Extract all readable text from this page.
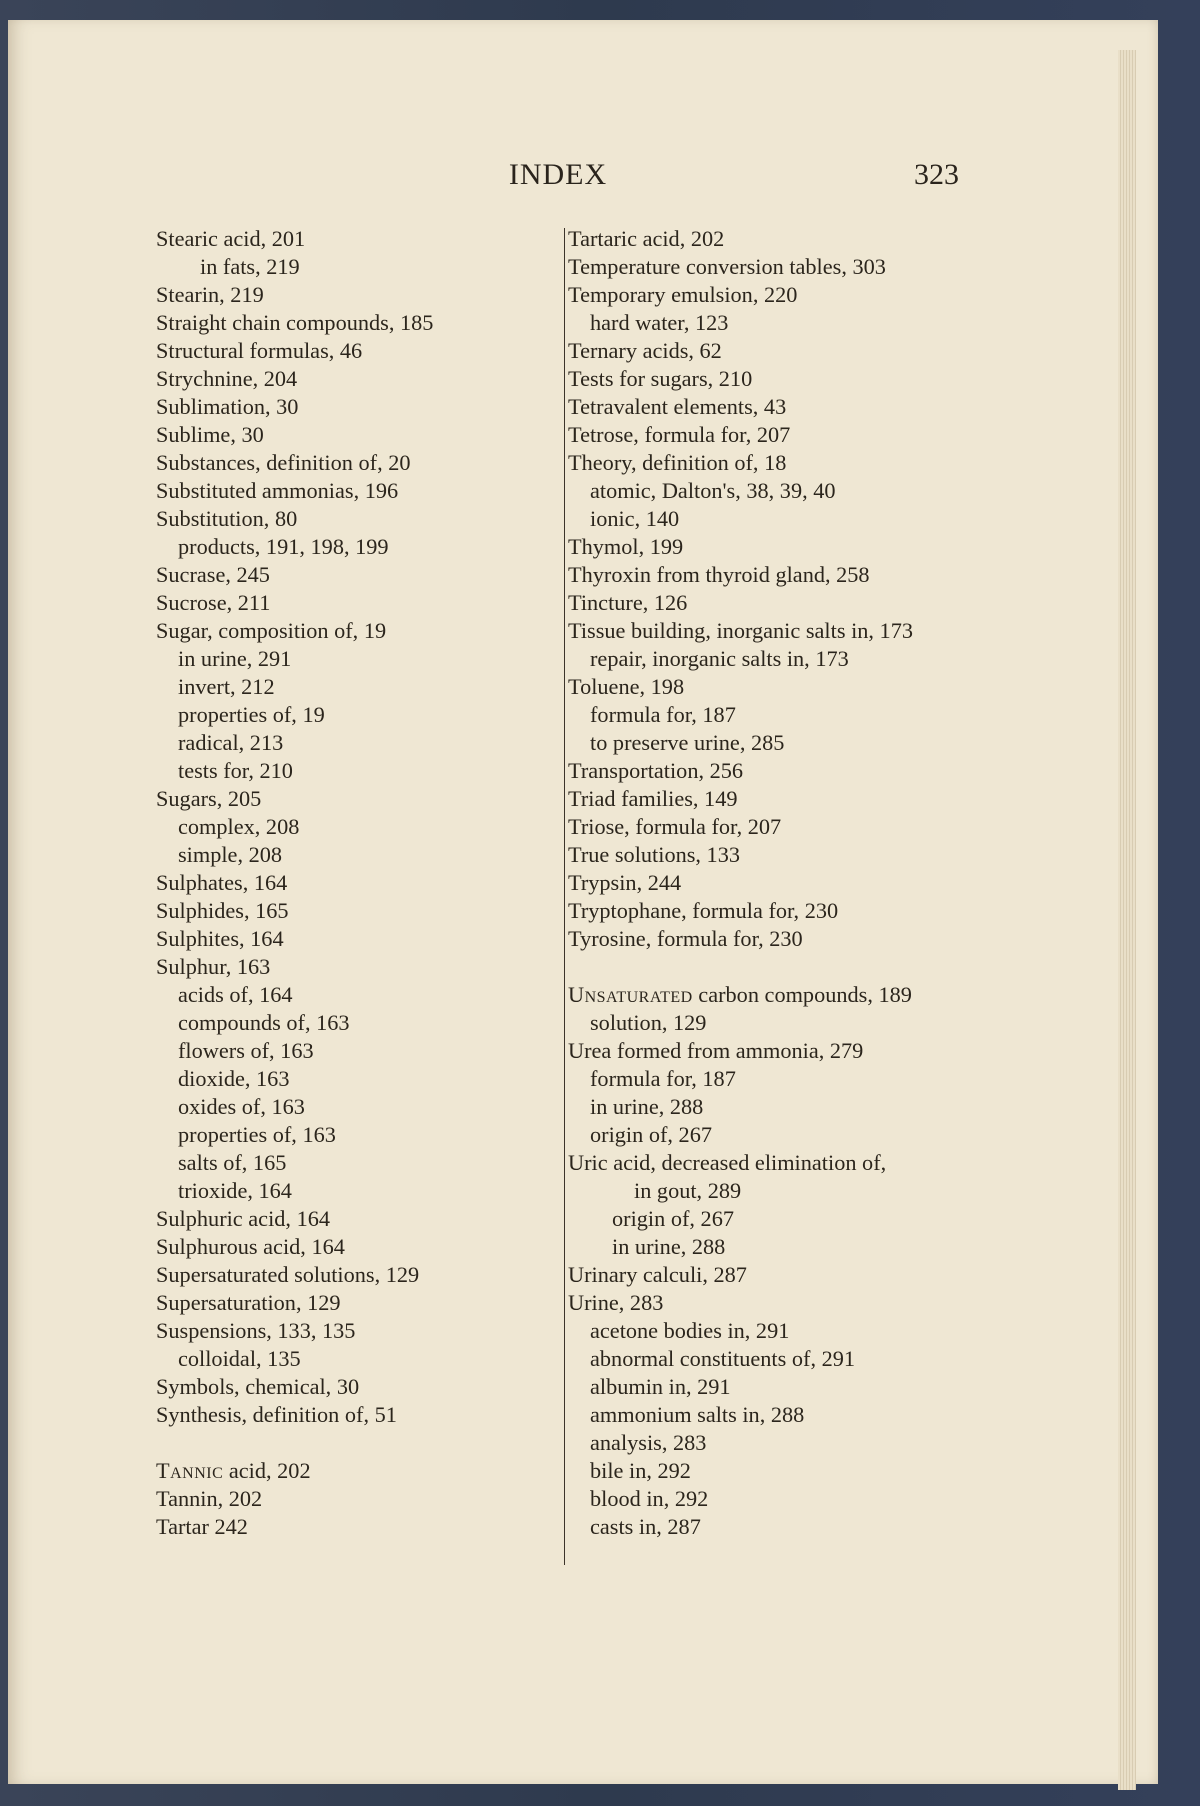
INDEX	323
Stearic acid, 201
in fats, 219
Stearin, 219
Straight chain compounds, 185
Structural formulas, 46
Strychnine, 204
Sublimation, 30
Sublime, 30
Substances, definition of, 20
Substituted ammonias, 196
Substitution, 80
products, 191, 198, 199
Sucrase, 245
Sucrose, 211
Sugar, composition of, 19
in urine, 291
invert, 212
properties of, 19
radical, 213
tests for, 210
Sugars, 205
complex, 208
simple, 208
Sulphates, 164
Sulphides, 165
Sulphites, 164
Sulphur, 163
acids of, 164
compounds of, 163
flowers of, 163
dioxide, 163
oxides of, 163
properties of, 163
salts of, 165
trioxide, 164
Sulphuric acid, 164
Sulphurous acid, 164
Supersaturated solutions, 129
Supersaturation, 129
Suspensions, 133, 135
colloidal, 135
Symbols, chemical, 30
Synthesis, definition of, 51
Tannic acid, 202
Tannin, 202
Tartar 242
Tartaric acid, 202
Temperature conversion tables, 303
Temporary emulsion, 220
hard water, 123
Ternary acids, 62
Tests for sugars, 210
Tetravalent elements, 43
Tetrose, formula for, 207
Theory, definition of, 18
atomic, Dalton's, 38, 39, 40
ionic, 140
Thymol, 199
Thyroxin from thyroid gland, 258
Tincture, 126
Tissue building, inorganic salts in, 173
repair, inorganic salts in, 173
Toluene, 198
formula for, 187
to preserve urine, 285
Transportation, 256
Triad families, 149
Triose, formula for, 207
True solutions, 133
Trypsin, 244
Tryptophane, formula for, 230
Tyrosine, formula for, 230
Unsaturated carbon compounds, 189
solution, 129
Urea formed from ammonia, 279
formula for, 187
in urine, 288
origin of, 267
Uric acid, decreased elimination of,
in gout, 289
origin of, 267
in urine, 288
Urinary calculi, 287
Urine, 283
acetone bodies in, 291
abnormal constituents of, 291
albumin in, 291
ammonium salts in, 288
analysis, 283
bile in, 292
blood in, 292
casts in, 287
